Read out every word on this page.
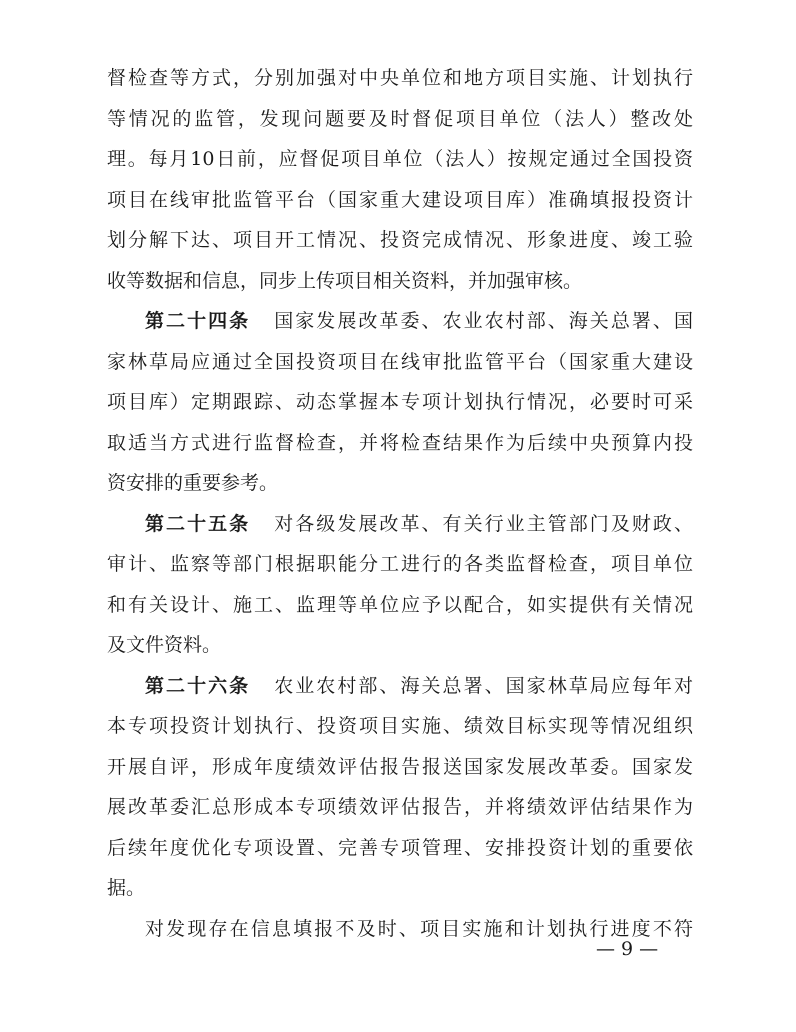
督检查等方式，分别加强对中央单位和地方项目实施、计划执行
等情况的监管，发现问题要及时督促项目单位（法人）整改处
理。每月10日前，应督促项目单位（法人）按规定通过全国投资
项目在线审批监管平台（国家重大建设项目库）准确填报投资计
划分解下达、项目开工情况、投资完成情况、形象进度、竣工验
收等数据和信息，同步上传项目相关资料，并加强审核。
第二十四条 国家发展改革委、农业农村部、海关总署、国
家林草局应通过全国投资项目在线审批监管平台（国家重大建设
项目库）定期跟踪、动态掌握本专项计划执行情况，必要时可采
取适当方式进行监督检查，并将检查结果作为后续中央预算内投
资安排的重要参考。
第二十五条 对各级发展改革、有关行业主管部门及财政、
审计、监察等部门根据职能分工进行的各类监督检查，项目单位
和有关设计、施工、监理等单位应予以配合，如实提供有关情况
及文件资料。
第二十六条 农业农村部、海关总署、国家林草局应每年对
本专项投资计划执行、投资项目实施、绩效目标实现等情况组织
开展自评，形成年度绩效评估报告报送国家发展改革委。国家发
展改革委汇总形成本专项绩效评估报告，并将绩效评估结果作为
后续年度优化专项设置、完善专项管理、安排投资计划的重要依
据。
对发现存在信息填报不及时、项目实施和计划执行进度不符
— 9 —
